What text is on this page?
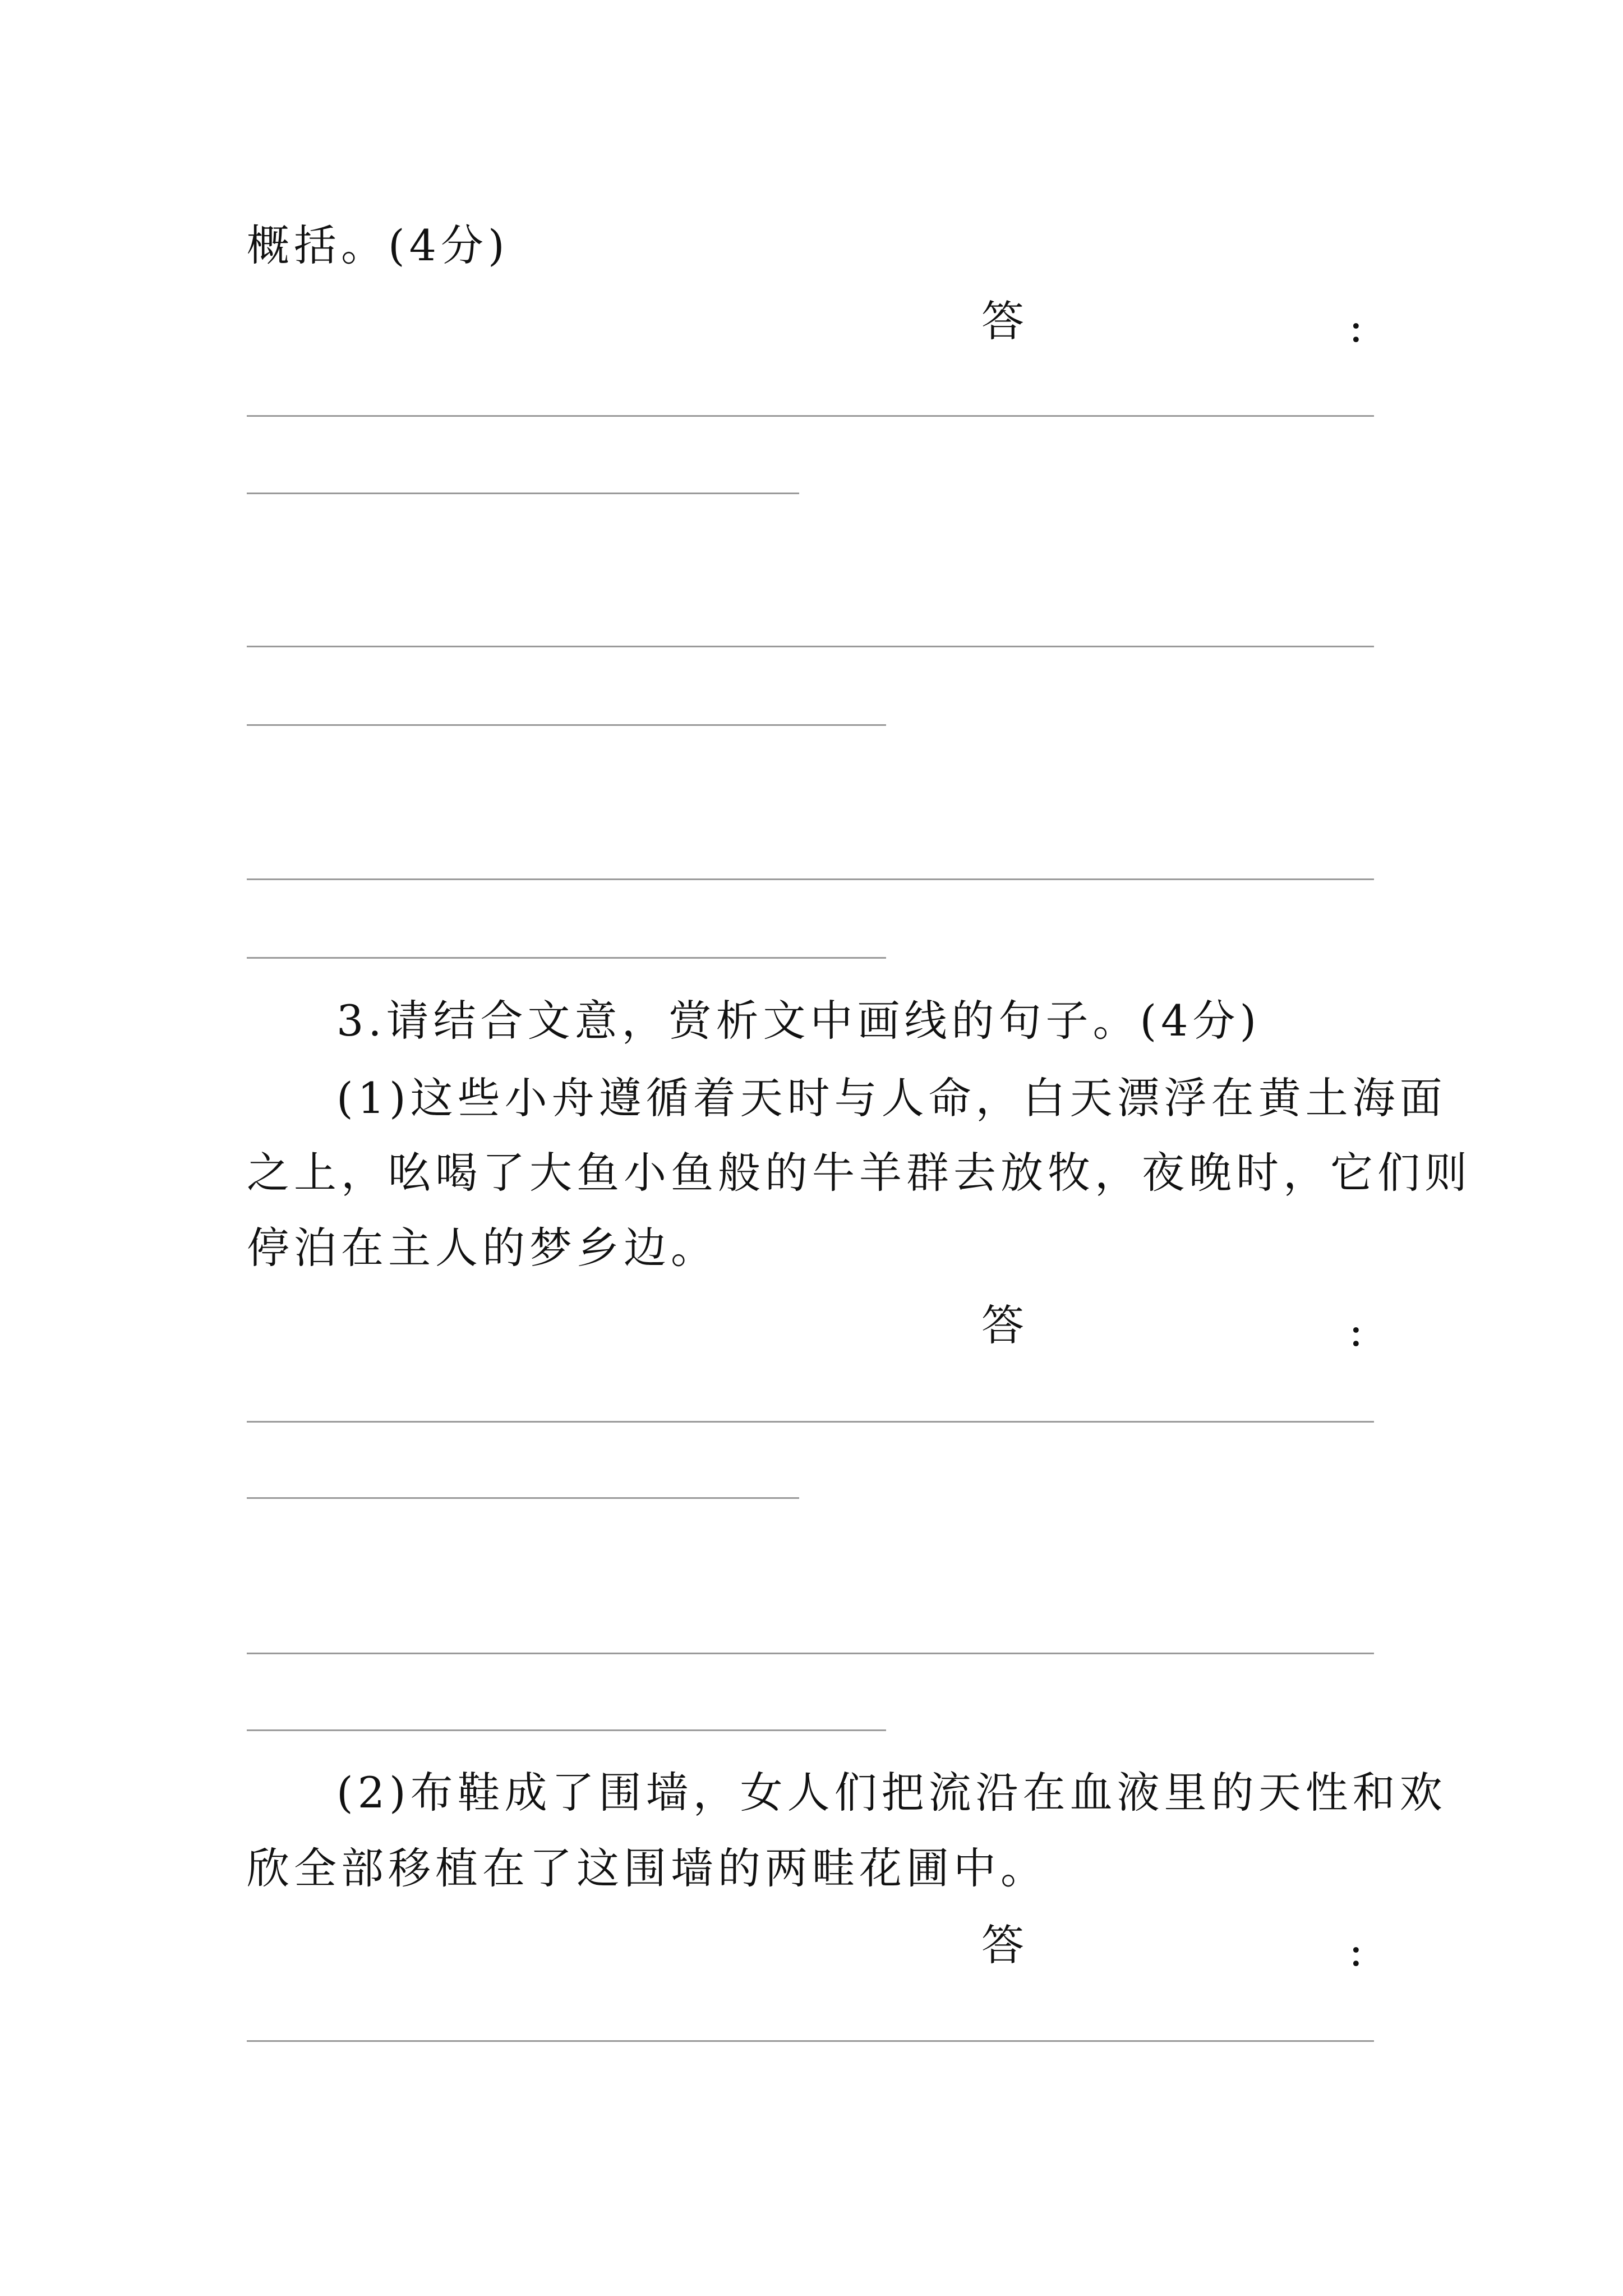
概括。(4分)
答	:
3.请结合文意，赏析文中画线的句子。(4分)
(1)这些小舟遵循着天时与人命，白天漂浮在黄土海面
之上，吆喝了大鱼小鱼般的牛羊群去放牧，夜晚时，它们则
停泊在主人的梦乡边。
答	:
(2)布鞋成了围墙，女人们把流沿在血液里的天性和欢
欣全部移植在了这围墙的两畦花圃中。
答	:
